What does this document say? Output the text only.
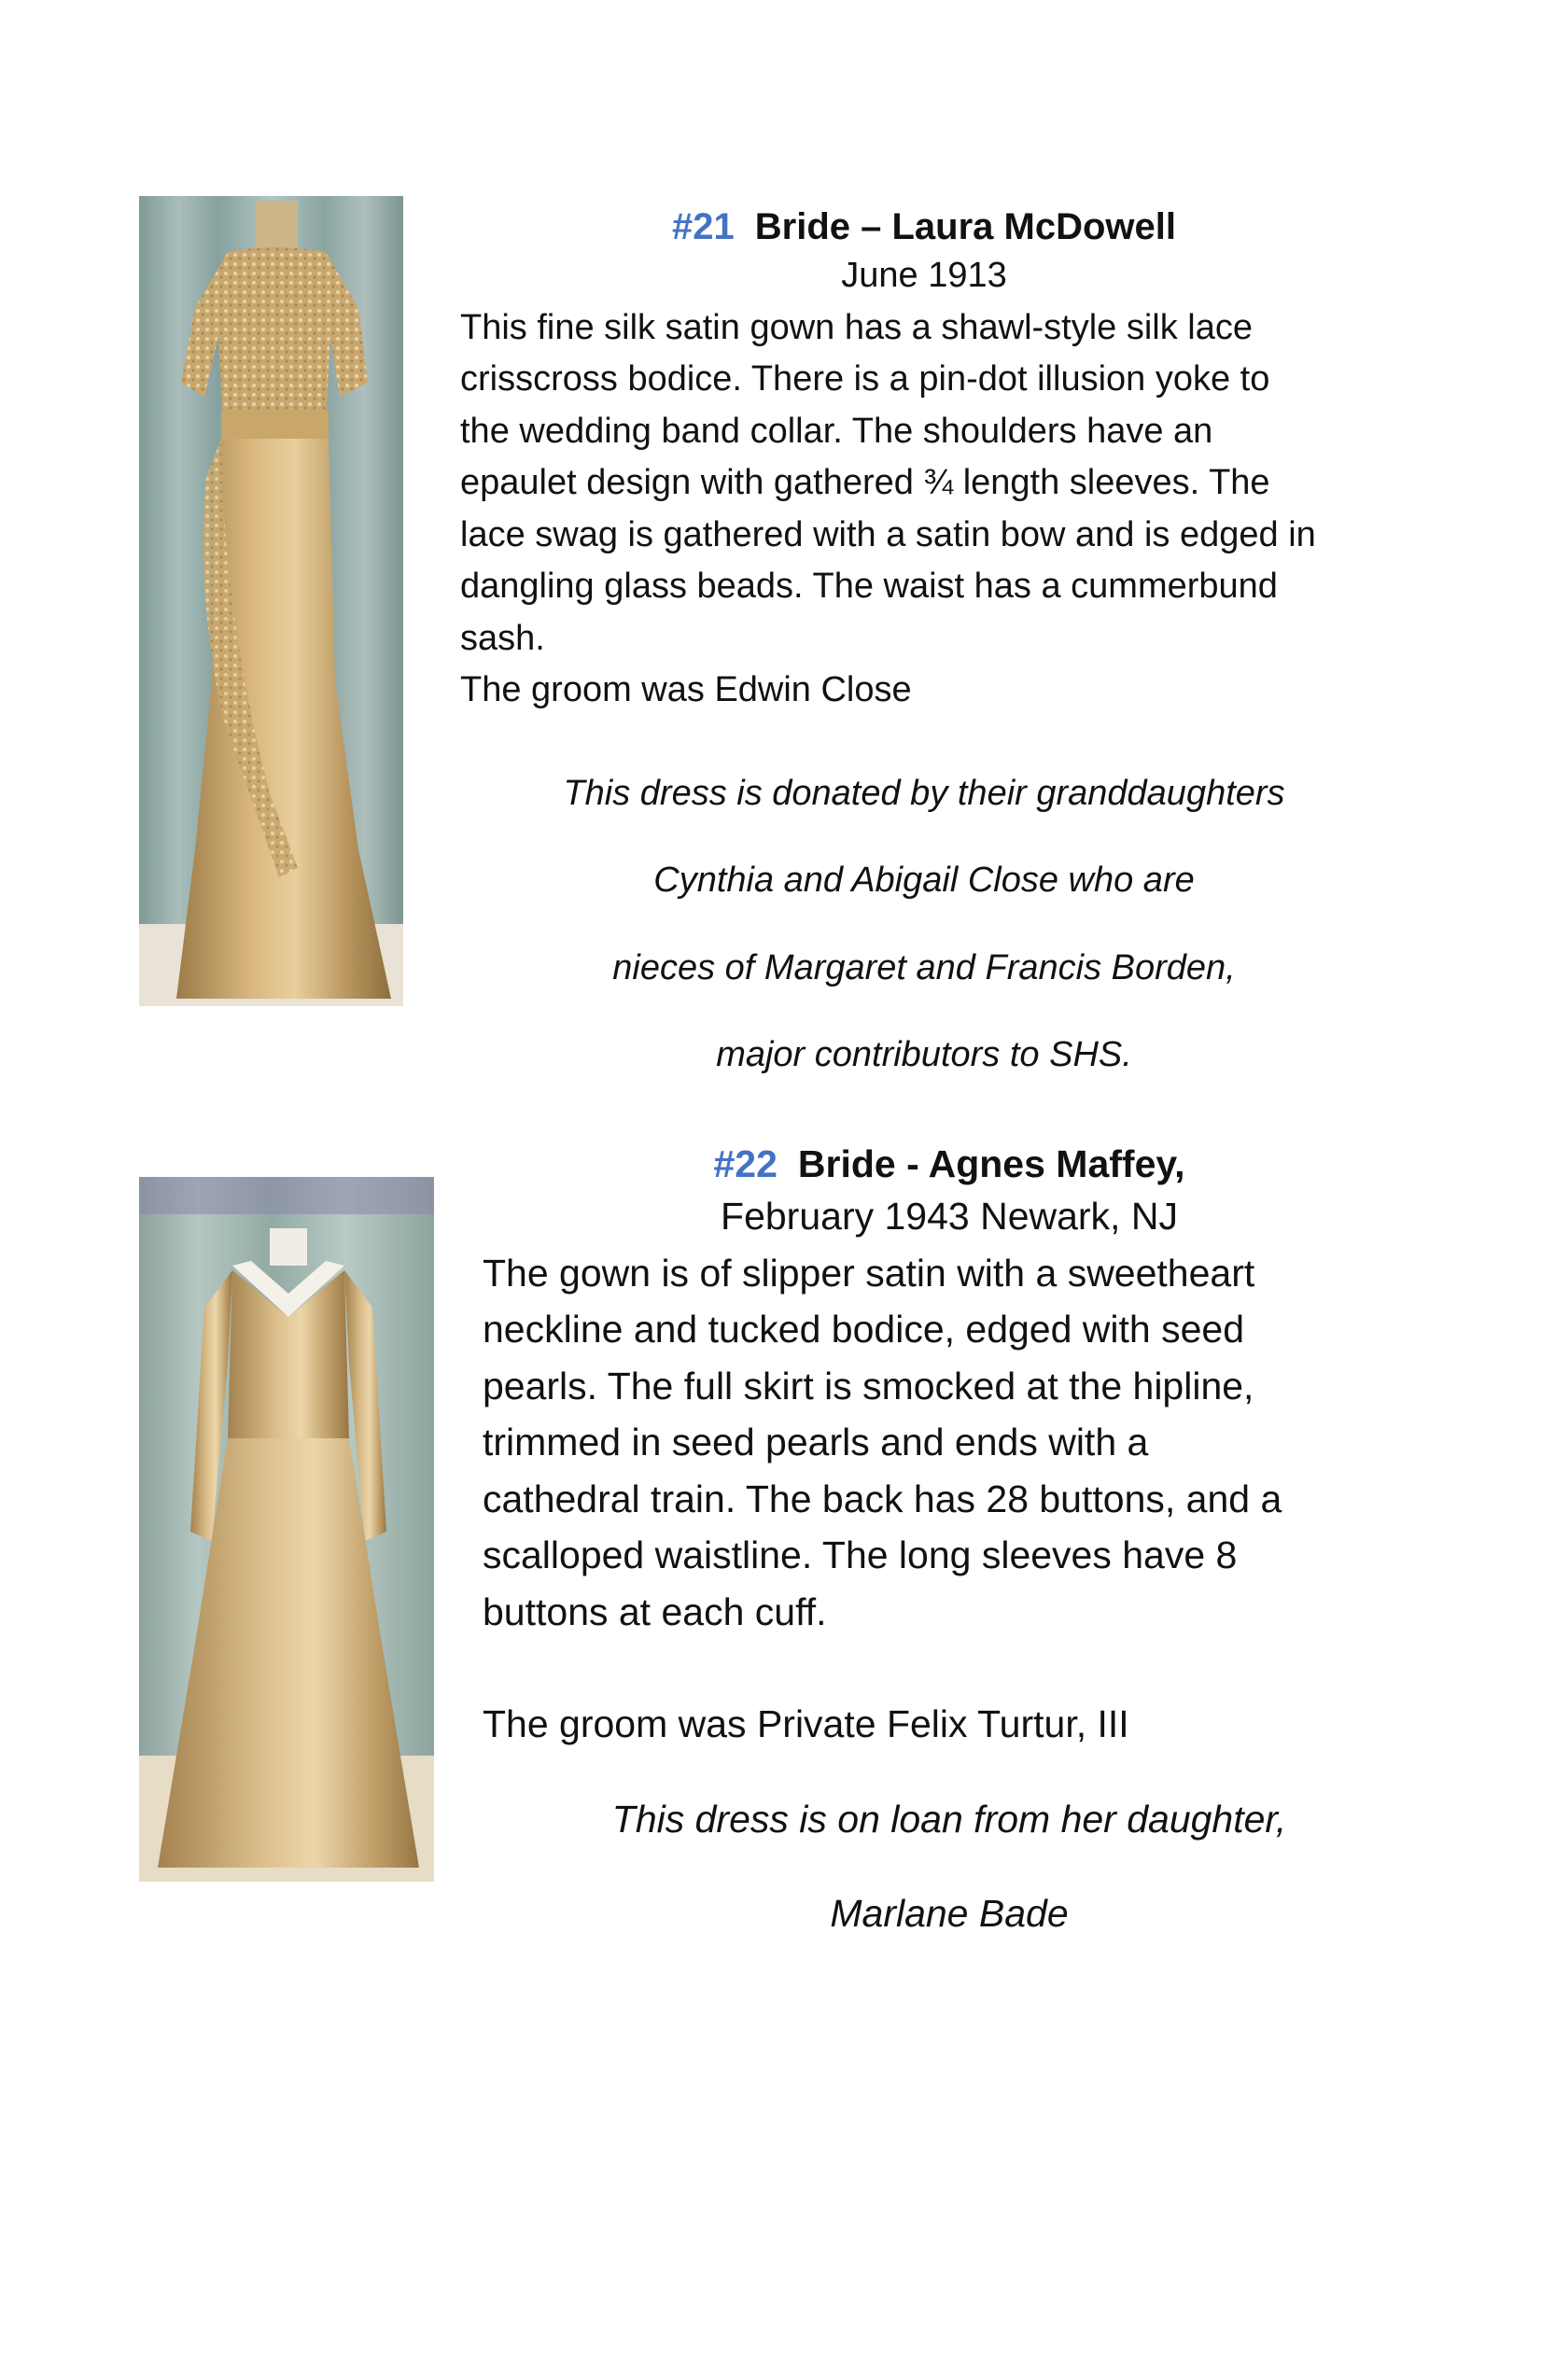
#21 Bride – Laura McDowell

June 1913

This fine silk satin gown has a shawl-style silk lace

crisscross bodice. There is a pin-dot illusion yoke to

the wedding band collar. The shoulders have an

epaulet design with gathered ¾ length sleeves. The

lace swag is gathered with a satin bow and is edged in

dangling glass beads. The waist has a cummerbund

sash.

The groom was Edwin Close

This dress is donated by their granddaughters

Cynthia and Abigail Close who are

nieces of Margaret and Francis Borden,

major contributors to SHS.

#22 Bride - Agnes Maffey,

February 1943 Newark, NJ

The gown is of slipper satin with a sweetheart

neckline and tucked bodice, edged with seed

pearls. The full skirt is smocked at the hipline,

trimmed in seed pearls and ends with a

cathedral train. The back has 28 buttons, and a

scalloped waistline. The long sleeves have 8

buttons at each cuff.

The groom was Private Felix Turtur, III

This dress is on loan from her daughter,

Marlane Bade
